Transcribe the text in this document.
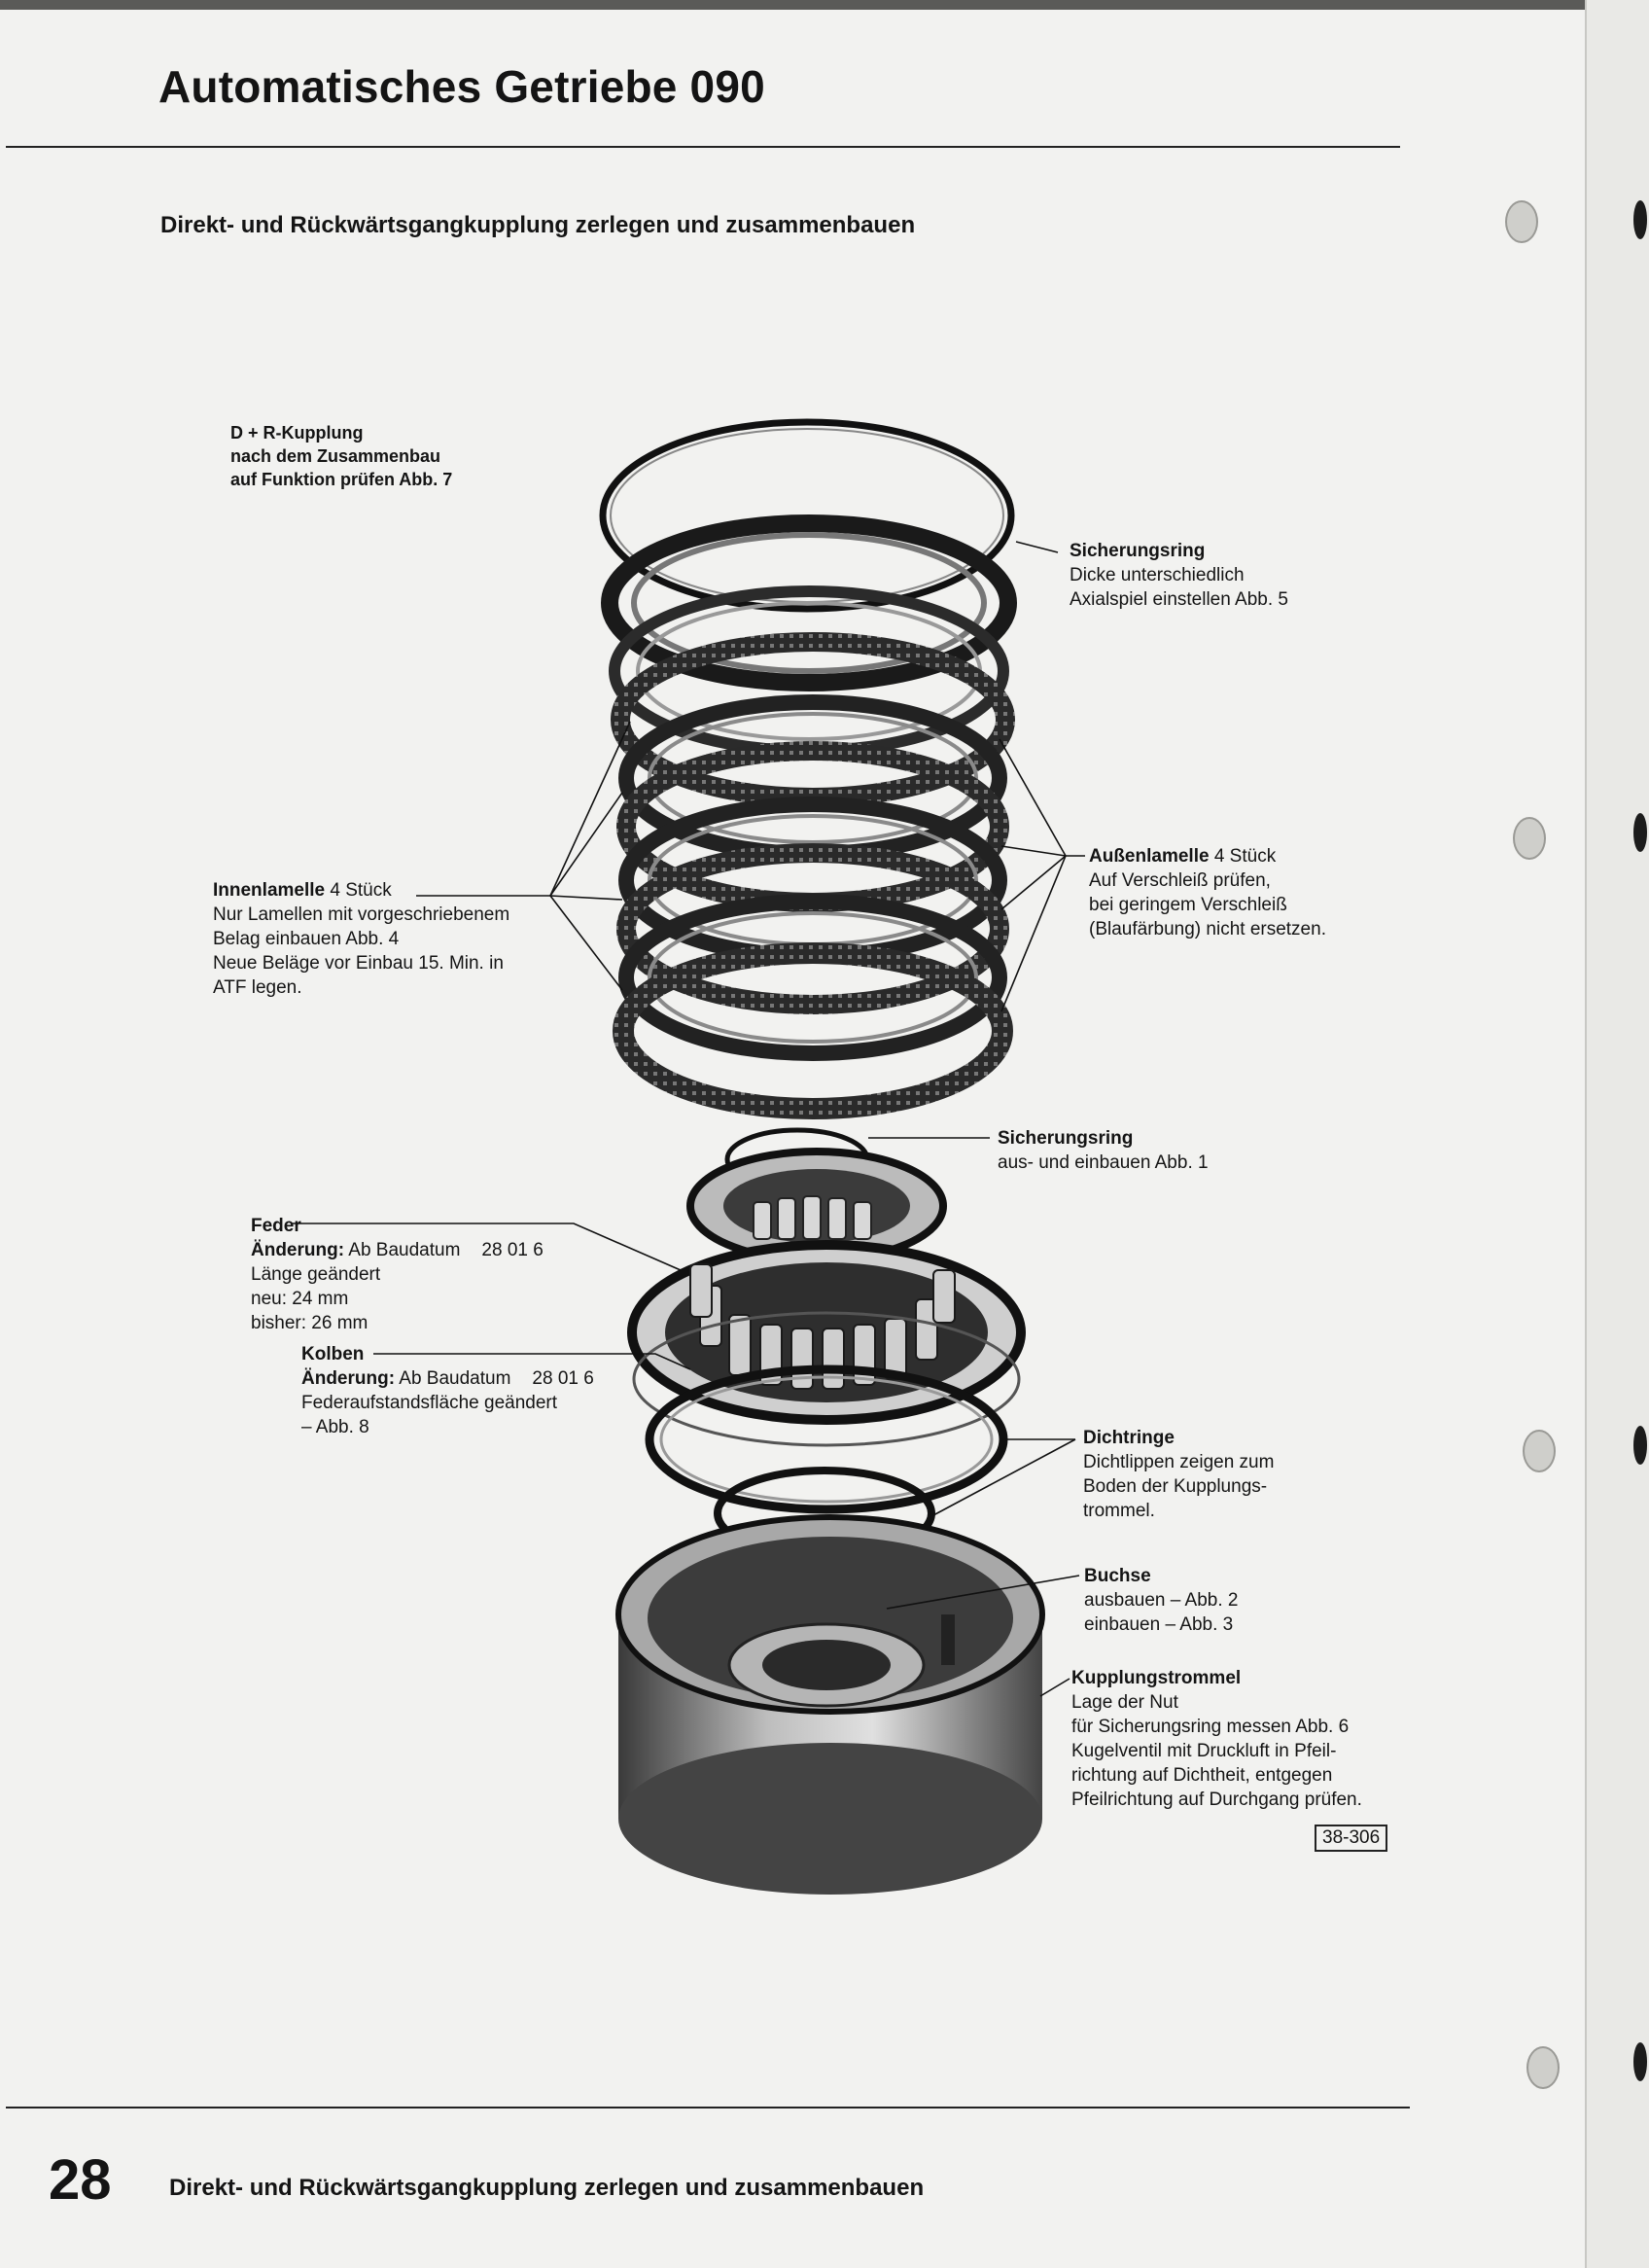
Automatisches Getriebe 090
Direkt- und Rückwärtsgangkupplung zerlegen und zusammenbauen
D + R-Kupplung
nach dem Zusammenbau
auf Funktion prüfen Abb. 7
Sicherungsring
Dicke unterschiedlich
Axialspiel einstellen Abb. 5
Außenlamelle 4 Stück
Auf Verschleiß prüfen,
bei geringem Verschleiß
(Blaufärbung) nicht ersetzen.
Innenlamelle 4 Stück
Nur Lamellen mit vorgeschriebenem
Belag einbauen Abb. 4
Neue Beläge vor Einbau 15. Min. in
ATF legen.
Sicherungsring
aus- und einbauen Abb. 1
Feder
Änderung: Ab Baudatum 28 01 6
Länge geändert
neu: 24 mm
bisher: 26 mm
Kolben
Änderung: Ab Baudatum 28 01 6
Federaufstandsfläche geändert
– Abb. 8
Dichtringe
Dichtlippen zeigen zum
Boden der Kupplungs-
trommel.
Buchse
ausbauen – Abb. 2
einbauen – Abb. 3
Kupplungstrommel
Lage der Nut
für Sicherungsring messen Abb. 6
Kugelventil mit Druckluft in Pfeil-
richtung auf Dichtheit, entgegen
Pfeilrichtung auf Durchgang prüfen.
38-306
28 Direkt- und Rückwärtsgangkupplung zerlegen und zusammenbauen
